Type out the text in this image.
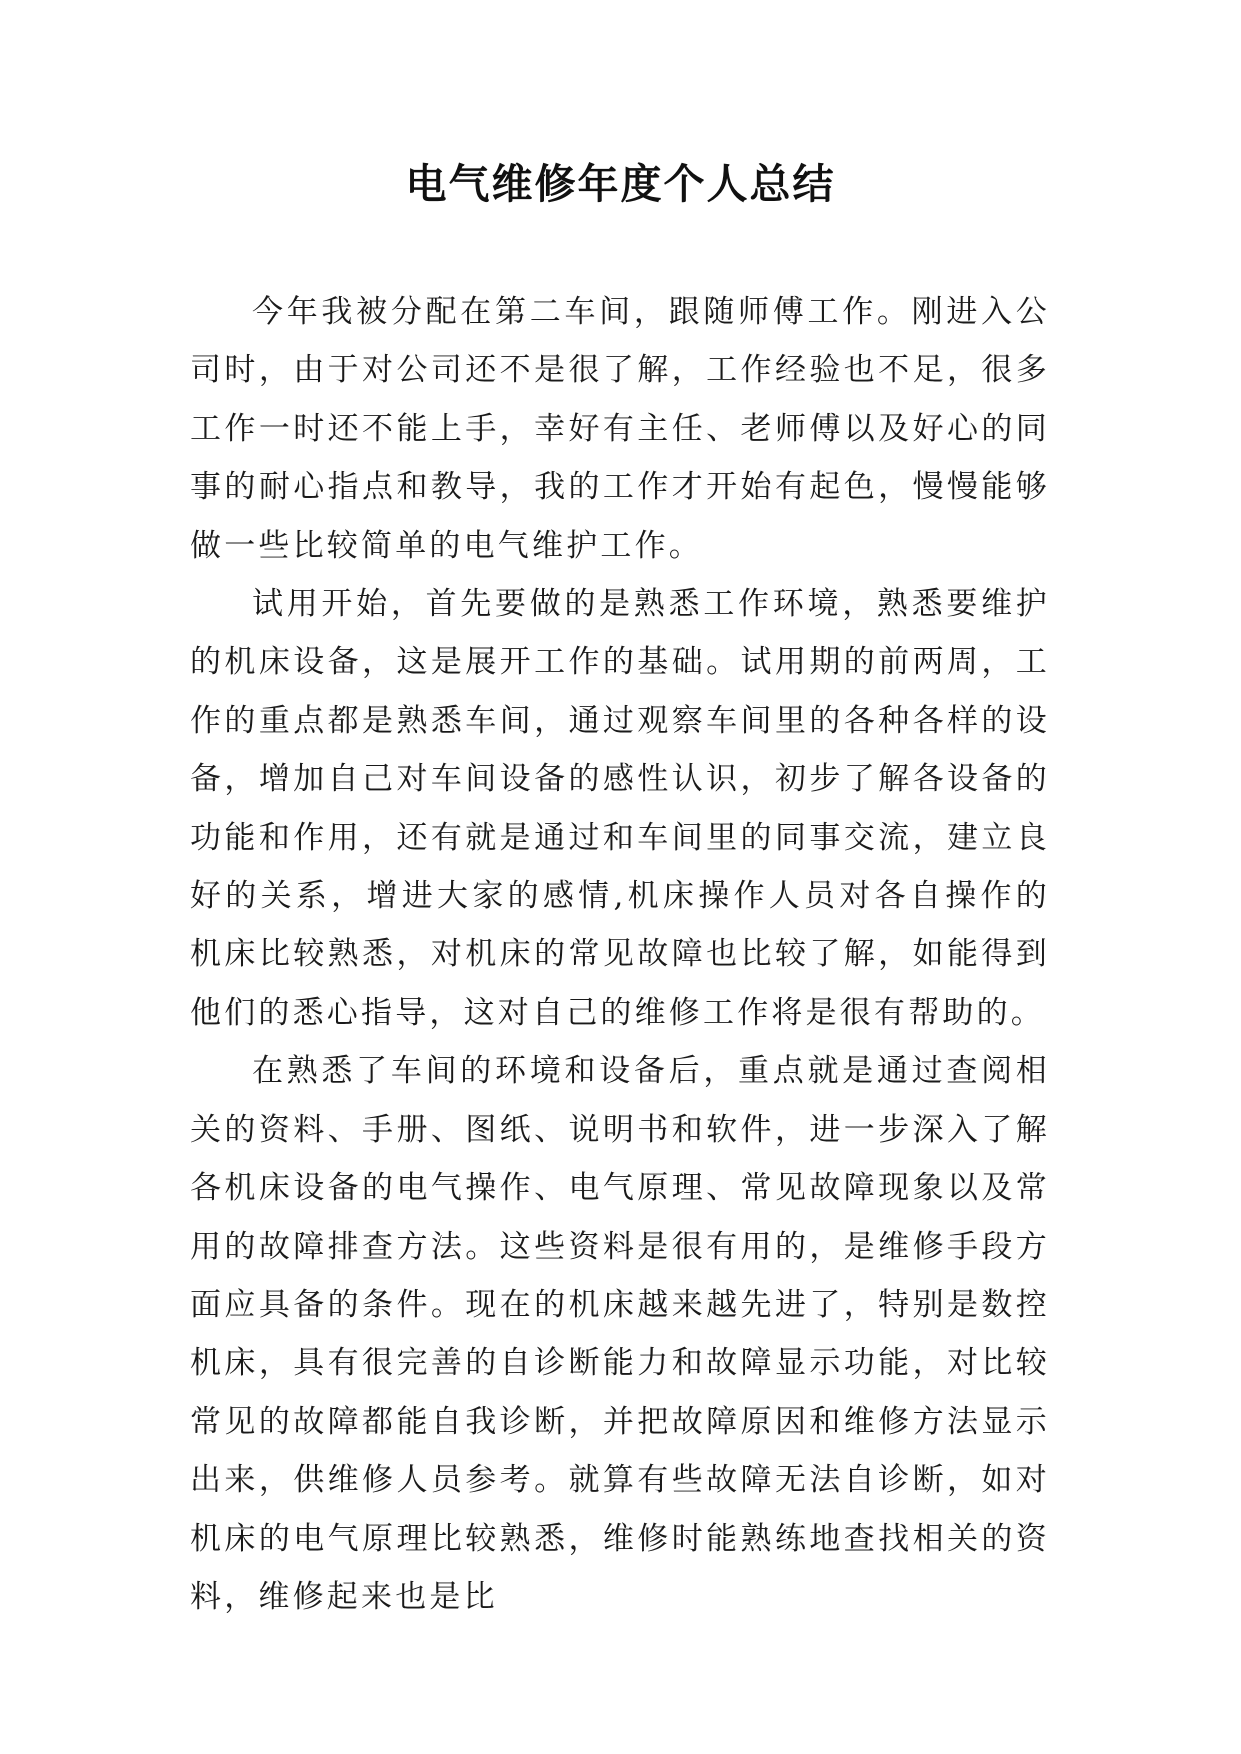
电气维修年度个人总结

今年我被分配在第二车间，跟随师傅工作。刚进入公司时，由于对公司还不是很了解，工作经验也不足，很多工作一时还不能上手，幸好有主任、老师傅以及好心的同事的耐心指点和教导，我的工作才开始有起色，慢慢能够做一些比较简单的电气维护工作。

试用开始，首先要做的是熟悉工作环境，熟悉要维护的机床设备，这是展开工作的基础。试用期的前两周，工作的重点都是熟悉车间，通过观察车间里的各种各样的设备，增加自己对车间设备的感性认识，初步了解各设备的功能和作用，还有就是通过和车间里的同事交流，建立良好的关系，增进大家的感情,机床操作人员对各自操作的机床比较熟悉，对机床的常见故障也比较了解，如能得到他们的悉心指导，这对自己的维修工作将是很有帮助的。

在熟悉了车间的环境和设备后，重点就是通过查阅相关的资料、手册、图纸、说明书和软件，进一步深入了解各机床设备的电气操作、电气原理、常见故障现象以及常用的故障排查方法。这些资料是很有用的，是维修手段方面应具备的条件。现在的机床越来越先进了，特别是数控机床，具有很完善的自诊断能力和故障显示功能，对比较常见的故障都能自我诊断，并把故障原因和维修方法显示出来，供维修人员参考。就算有些故障无法自诊断，如对机床的电气原理比较熟悉，维修时能熟练地查找相关的资料，维修起来也是比
